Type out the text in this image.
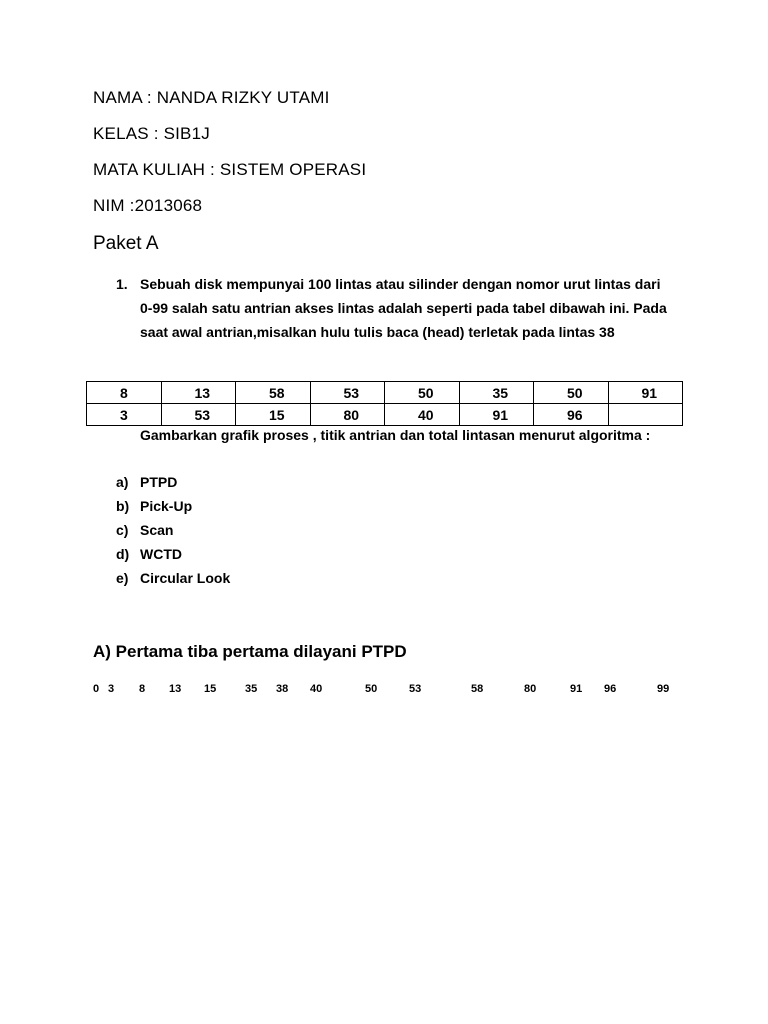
NAMA : NANDA RIZKY UTAMI
KELAS : SIB1J
MATA KULIAH : SISTEM OPERASI
NIM :2013068
Paket A
1. Sebuah disk mempunyai 100 lintas atau silinder dengan nomor urut lintas dari 0-99 salah satu antrian akses lintas adalah seperti pada tabel dibawah ini. Pada saat awal antrian,misalkan hulu tulis baca (head) terletak pada lintas 38
8	13	58	53	50	35	50	91
3	53	15	80	40	91	96	
Gambarkan grafik proses , titik antrian dan total lintasan menurut algoritma :
a) PTPD
b) Pick-Up
c) Scan
d) WCTD
e) Circular Look
A) Pertama tiba pertama dilayani PTPD
0 3 8 13 15	35 38 40	50	53	58	80	91 96	99
